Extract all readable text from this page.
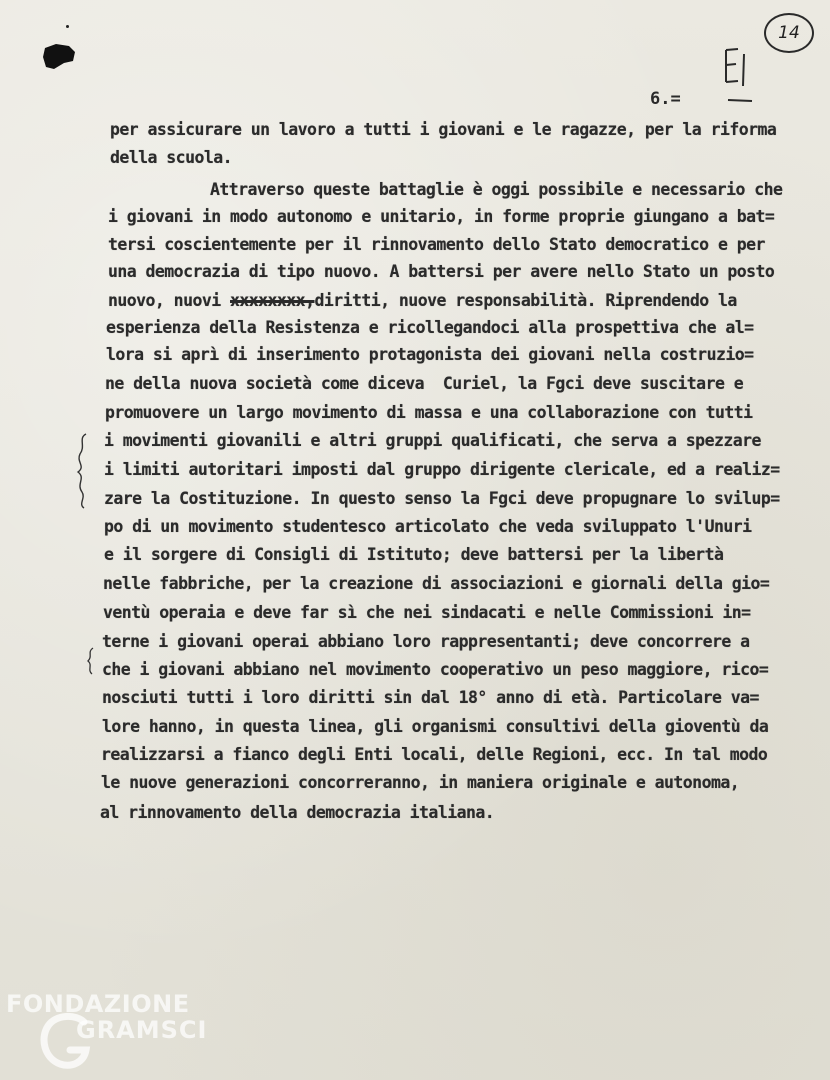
14
6.=
per assicurare un lavoro a tutti i giovani e le ragazze, per la riforma
della scuola.
Attraverso queste battaglie è oggi possibile e necessario che
i giovani in modo autonomo e unitario, in forme proprie giungano a bat=
tersi coscientemente per il rinnovamento dello Stato democratico e per
una democrazia di tipo nuovo. A battersi per avere nello Stato un posto
nuovo, nuovi xxxxxxxx,diritti, nuove responsabilità. Riprendendo la
esperienza della Resistenza e ricollegandoci alla prospettiva che al=
lora si aprì di inserimento protagonista dei giovani nella costruzio=
ne della nuova società come diceva  Curiel, la Fgci deve suscitare e
promuovere un largo movimento di massa e una collaborazione con tutti
i movimenti giovanili e altri gruppi qualificati, che serva a spezzare
i limiti autoritari imposti dal gruppo dirigente clericale, ed a realiz=
zare la Costituzione. In questo senso la Fgci deve propugnare lo svilup=
po di un movimento studentesco articolato che veda sviluppato l'Unuri
e il sorgere di Consigli di Istituto; deve battersi per la libertà
nelle fabbriche, per la creazione di associazioni e giornali della gio=
ventù operaia e deve far sì che nei sindacati e nelle Commissioni in=
terne i giovani operai abbiano loro rappresentanti; deve concorrere a
che i giovani abbiano nel movimento cooperativo un peso maggiore, rico=
nosciuti tutti i loro diritti sin dal 18° anno di età. Particolare va=
lore hanno, in questa linea, gli organismi consultivi della gioventù da
realizzarsi a fianco degli Enti locali, delle Regioni, ecc. In tal modo
le nuove generazioni concorreranno, in maniera originale e autonoma,
al rinnovamento della democrazia italiana.
FONDAZIONE
GRAMSCI
